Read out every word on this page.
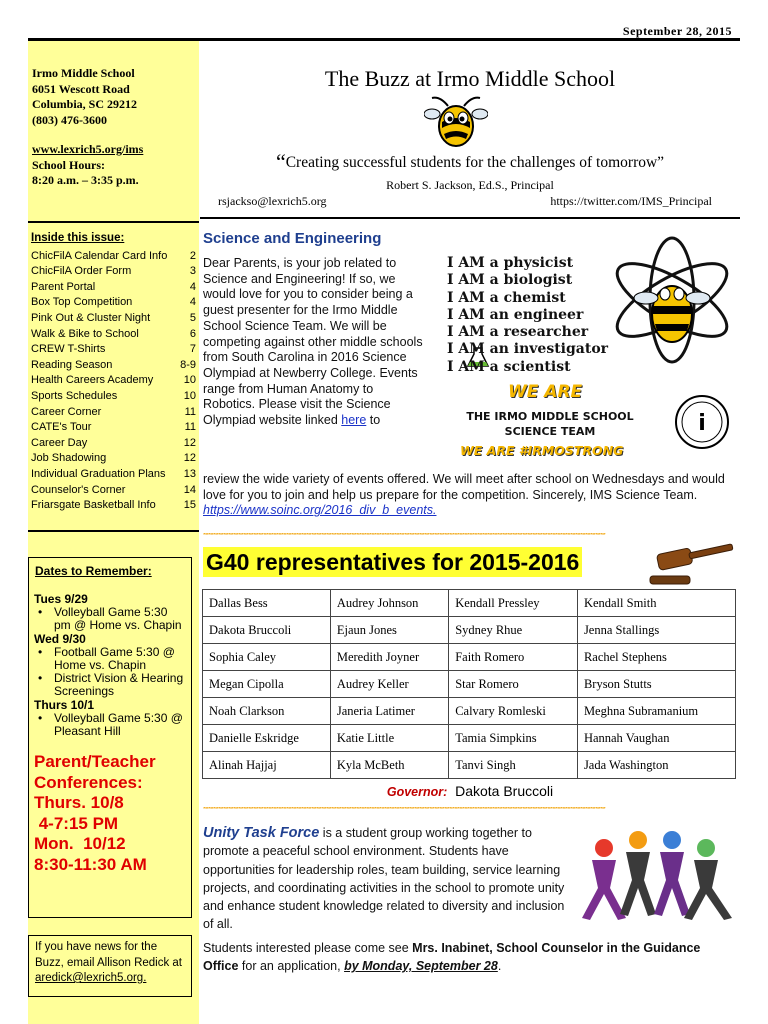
September 28, 2015
Irmo Middle School
6051 Wescott Road
Columbia, SC 29212
(803) 476-3600
www.lexrich5.org/ims
School Hours:
8:20 a.m. – 3:35 p.m.
Inside this issue:
ChicFilA Calendar Card Info 2
ChicFilA Order Form	3
Parent Portal	4
Box Top Competition	4
Pink Out & Cluster Night	5
Walk & Bike to School	6
CREW T-Shirts	7
Reading Season	8-9
Health Careers Academy	10
Sports Schedules	10
Career Corner	11
CATE's Tour	11
Career Day	12
Job Shadowing	12
Individual Graduation Plans 13
Counselor's Corner	14
Friarsgate Basketball Info	15
Dates to Remember:
Tues 9/29
• Volleyball Game 5:30 pm @ Home vs. Chapin
Wed 9/30
• Football Game 5:30 @ Home vs. Chapin
• District Vision & Hearing Screenings
Thurs 10/1
• Volleyball Game 5:30 @ Pleasant Hill
Parent/Teacher
Conferences:
Thurs. 10/8
4-7:15 PM
Mon.  10/12
8:30-11:30 AM
If you have news for the Buzz, email Allison Redick at aredick@lexrich5.org.
The Buzz at Irmo Middle School
“Creating successful students for the challenges of tomorrow”
Robert S. Jackson, Ed.S., Principal
rsjackso@lexrich5.org	https://twitter.com/IMS_Principal
Science and Engineering
Dear Parents, is your job related to Science and Engineering! If so, we would love for you to consider being a guest presenter for the Irmo Middle School Science Team. We will be competing against other middle schools from South Carolina in 2016 Science Olympiad at Newberry College. Events range from Human Anatomy to Robotics. Please visit the Science Olympiad website linked here to
review the wide variety of events offered. We will meet after school on Wednesdays and would love for you to join and help us prepare for the competition. Sincerely, IMS Science Team.
https://www.soinc.org/2016_div_b_events.
i
I AM a physicist
I AM a biologist
I AM a chemist
I AM an engineer
I AM a researcher
I AM an investigator
I AM a scientist
WE ARE
THE IRMO MIDDLE SCHOOL
SCIENCE TEAM
WE ARE #IRMOSTRONG
****************************************************************************************************************************************************************
G40 representatives for 2015-2016
Dallas Bess	Audrey Johnson	Kendall Pressley	Kendall Smith
Dakota Bruccoli	Ejaun Jones	Sydney Rhue	Jenna Stallings
Sophia Caley	Meredith Joyner	Faith Romero	Rachel Stephens
Megan Cipolla	Audrey Keller	Star Romero	Bryson Stutts
Noah Clarkson	Janeria Latimer	Calvary Romleski	Meghna Subramanium
Danielle Eskridge	Katie Little	Tamia Simpkins	Hannah Vaughan
Alinah Hajjaj	Kyla McBeth	Tanvi Singh	Jada Washington
Governor: Dakota Bruccoli
****************************************************************************************************************************************************************
Unity Task Force is a student group working together to promote a peaceful school environment. Students have opportunities for leadership roles, team building, service learning projects, and coordinating activities in the school to promote unity and enhance student knowledge related to diversity and inclusion of all.
Students interested please come see Mrs. Inabinet, School Counselor in the Guidance Office for an application, by Monday, September 28.
